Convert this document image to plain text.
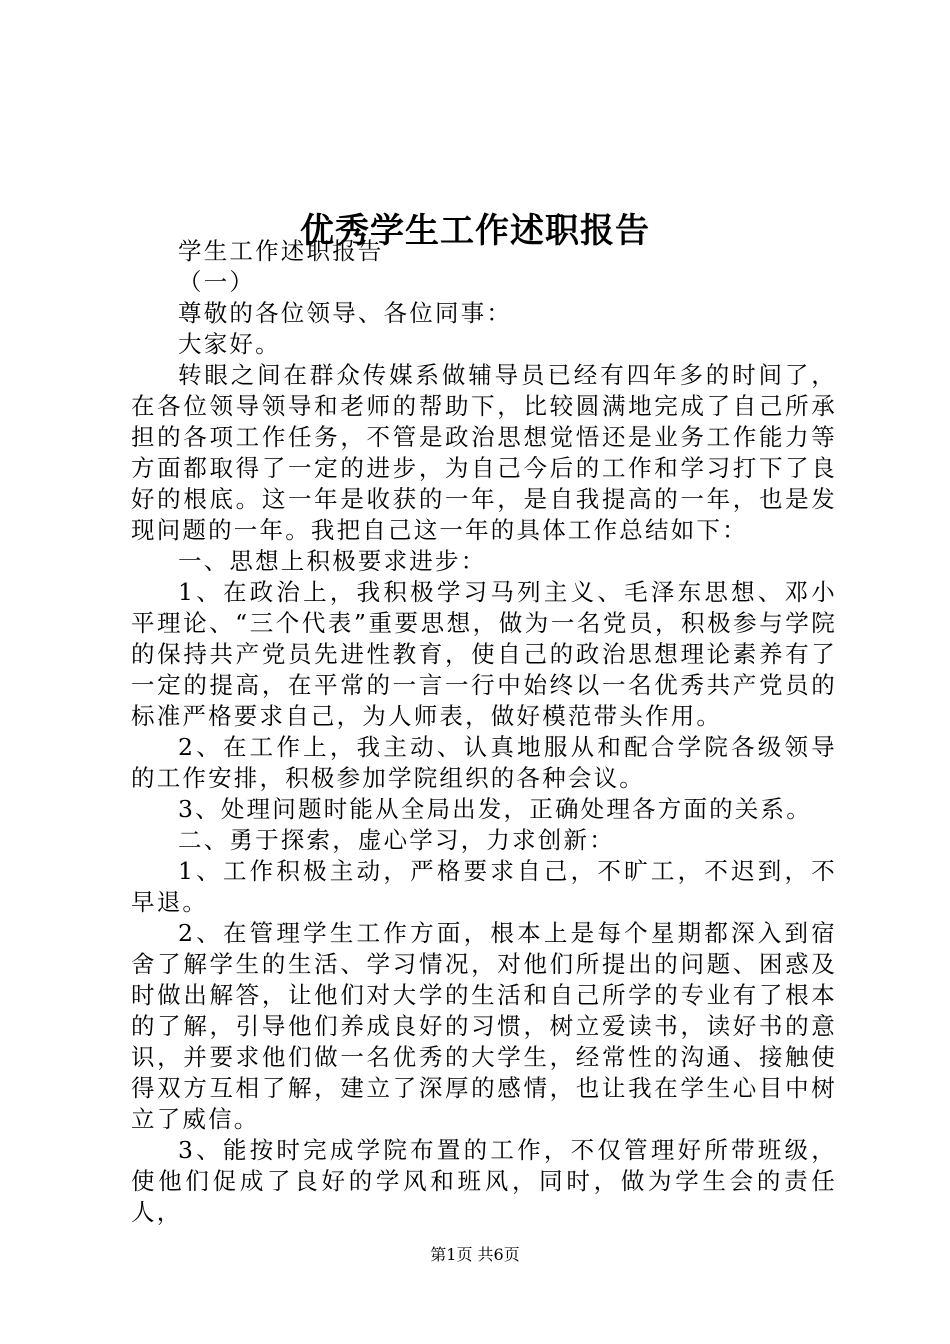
优秀学生工作述职报告

学生工作述职报告

（一）

尊敬的各位领导、各位同事：

大家好。

转眼之间在群众传媒系做辅导员已经有四年多的时间了，在各位领导领导和老师的帮助下，比较圆满地完成了自己所承担的各项工作任务，不管是政治思想觉悟还是业务工作能力等方面都取得了一定的进步，为自己今后的工作和学习打下了良好的根底。这一年是收获的一年，是自我提高的一年，也是发现问题的一年。我把自己这一年的具体工作总结如下：

一、思想上积极要求进步：

1、在政治上，我积极学习马列主义、毛泽东思想、邓小平理论、“三个代表”重要思想，做为一名党员，积极参与学院的保持共产党员先进性教育，使自己的政治思想理论素养有了一定的提高，在平常的一言一行中始终以一名优秀共产党员的标准严格要求自己，为人师表，做好模范带头作用。

2、在工作上，我主动、认真地服从和配合学院各级领导的工作安排，积极参加学院组织的各种会议。

3、处理问题时能从全局出发，正确处理各方面的关系。

二、勇于探索，虚心学习，力求创新：

1、工作积极主动，严格要求自己，不旷工，不迟到，不早退。

2、在管理学生工作方面，根本上是每个星期都深入到宿舍了解学生的生活、学习情况，对他们所提出的问题、困惑及时做出解答，让他们对大学的生活和自己所学的专业有了根本的了解，引导他们养成良好的习惯，树立爱读书，读好书的意识，并要求他们做一名优秀的大学生，经常性的沟通、接触使得双方互相了解，建立了深厚的感情，也让我在学生心目中树立了威信。

3、能按时完成学院布置的工作，不仅管理好所带班级，使他们促成了良好的学风和班风，同时，做为学生会的责任人，

第1页 共6页
